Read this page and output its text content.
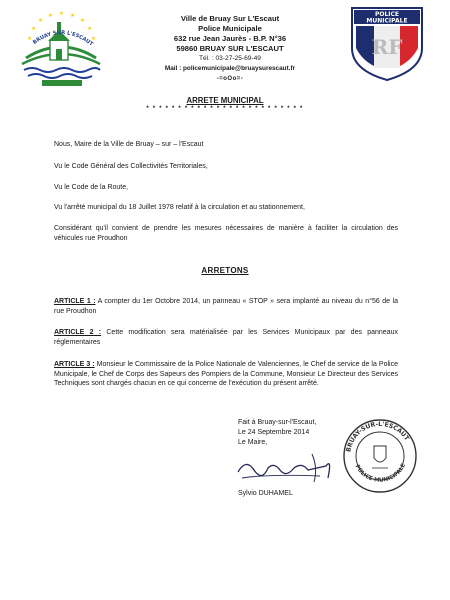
BRUAY SUR L'ESCAUT
Ville de Bruay Sur L'Escaut
Police Municipale
632 rue Jean Jaurès - B.P. N°36
59860 BRUAY SUR L'ESCAUT
Tél. : 03-27-25-69-49
Mail : policemunicipale@bruaysurescaut.fr
-=oOo=-
POLICE MUNICIPALE
RF
ARRETE MUNICIPAL
* * * * * * * * * * * * * * * * * * * * * * * * *
Nous, Maire de la Ville de Bruay – sur – l'Escaut
Vu le Code Général des Collectivités Territoriales,
Vu le Code de la Route,
Vu l'arrêté municipal du 18 Juillet 1978 relatif à la circulation et au stationnement,
Considérant qu'il convient de prendre les mesures nécessaires de manière à faciliter la circulation des véhicules rue Proudhon
ARRETONS
ARTICLE 1 : A compter du 1er Octobre 2014, un panneau « STOP » sera implanté au niveau du n°56 de la rue Proudhon
ARTICLE 2 : Cette modification sera matérialisée par les Services Municipaux par des panneaux réglementaires
ARTICLE 3 : Monsieur le Commissaire de la Police Nationale de Valenciennes, le Chef de service de la Police Municipale, le Chef de Corps des Sapeurs des Pompiers de la Commune, Monsieur Le Directeur des Services Techniques sont chargés chacun en ce qui concerne de l'exécution du présent arrêté.
Fait à Bruay-sur-l'Escaut,
Le 24 Septembre 2014
Le Maire,
Sylvio DUHAMEL
BRUAY-SUR-L'ESCAUT
POLICE MUNICIPALE
